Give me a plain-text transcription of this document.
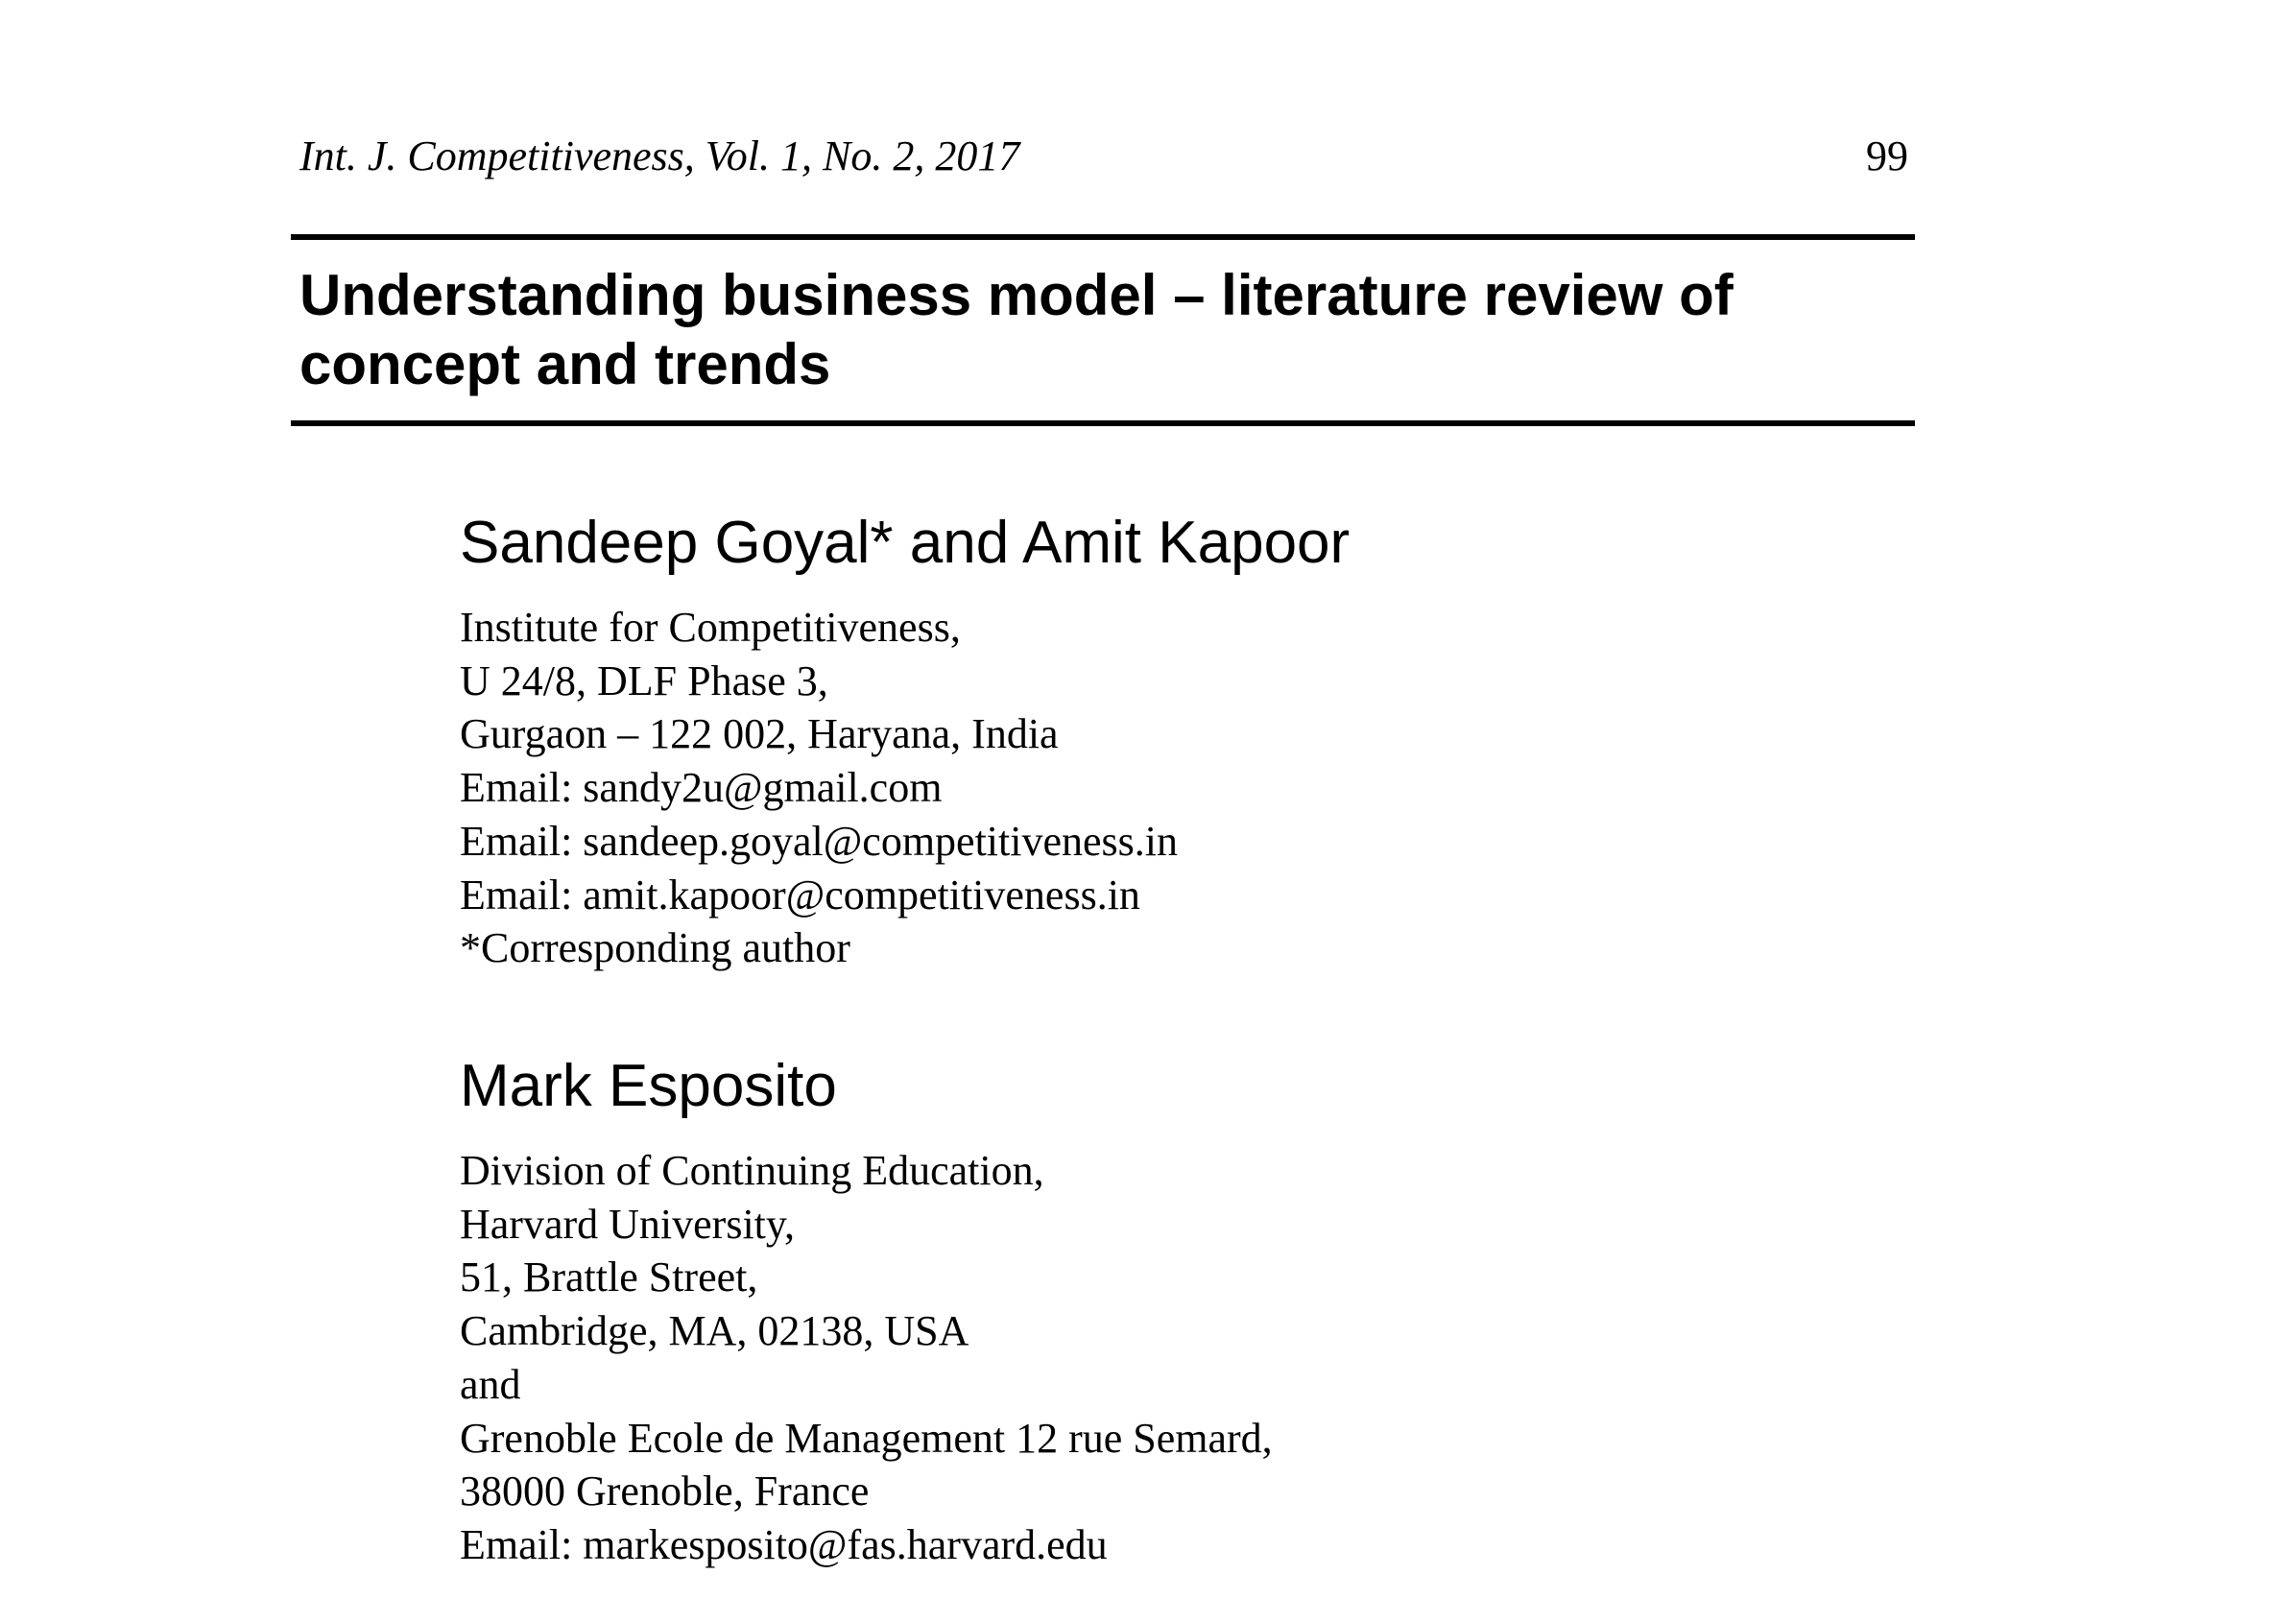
Int. J. Competitiveness, Vol. 1, No. 2, 2017	99
Understanding business model – literature review of
concept and trends
Sandeep Goyal* and Amit Kapoor
Institute for Competitiveness,
U 24/8, DLF Phase 3,
Gurgaon – 122 002, Haryana, India
Email: sandy2u@gmail.com
Email: sandeep.goyal@competitiveness.in
Email: amit.kapoor@competitiveness.in
*Corresponding author
Mark Esposito
Division of Continuing Education,
Harvard University,
51, Brattle Street,
Cambridge, MA, 02138, USA
and
Grenoble Ecole de Management 12 rue Semard,
38000 Grenoble, France
Email: markesposito@fas.harvard.edu
